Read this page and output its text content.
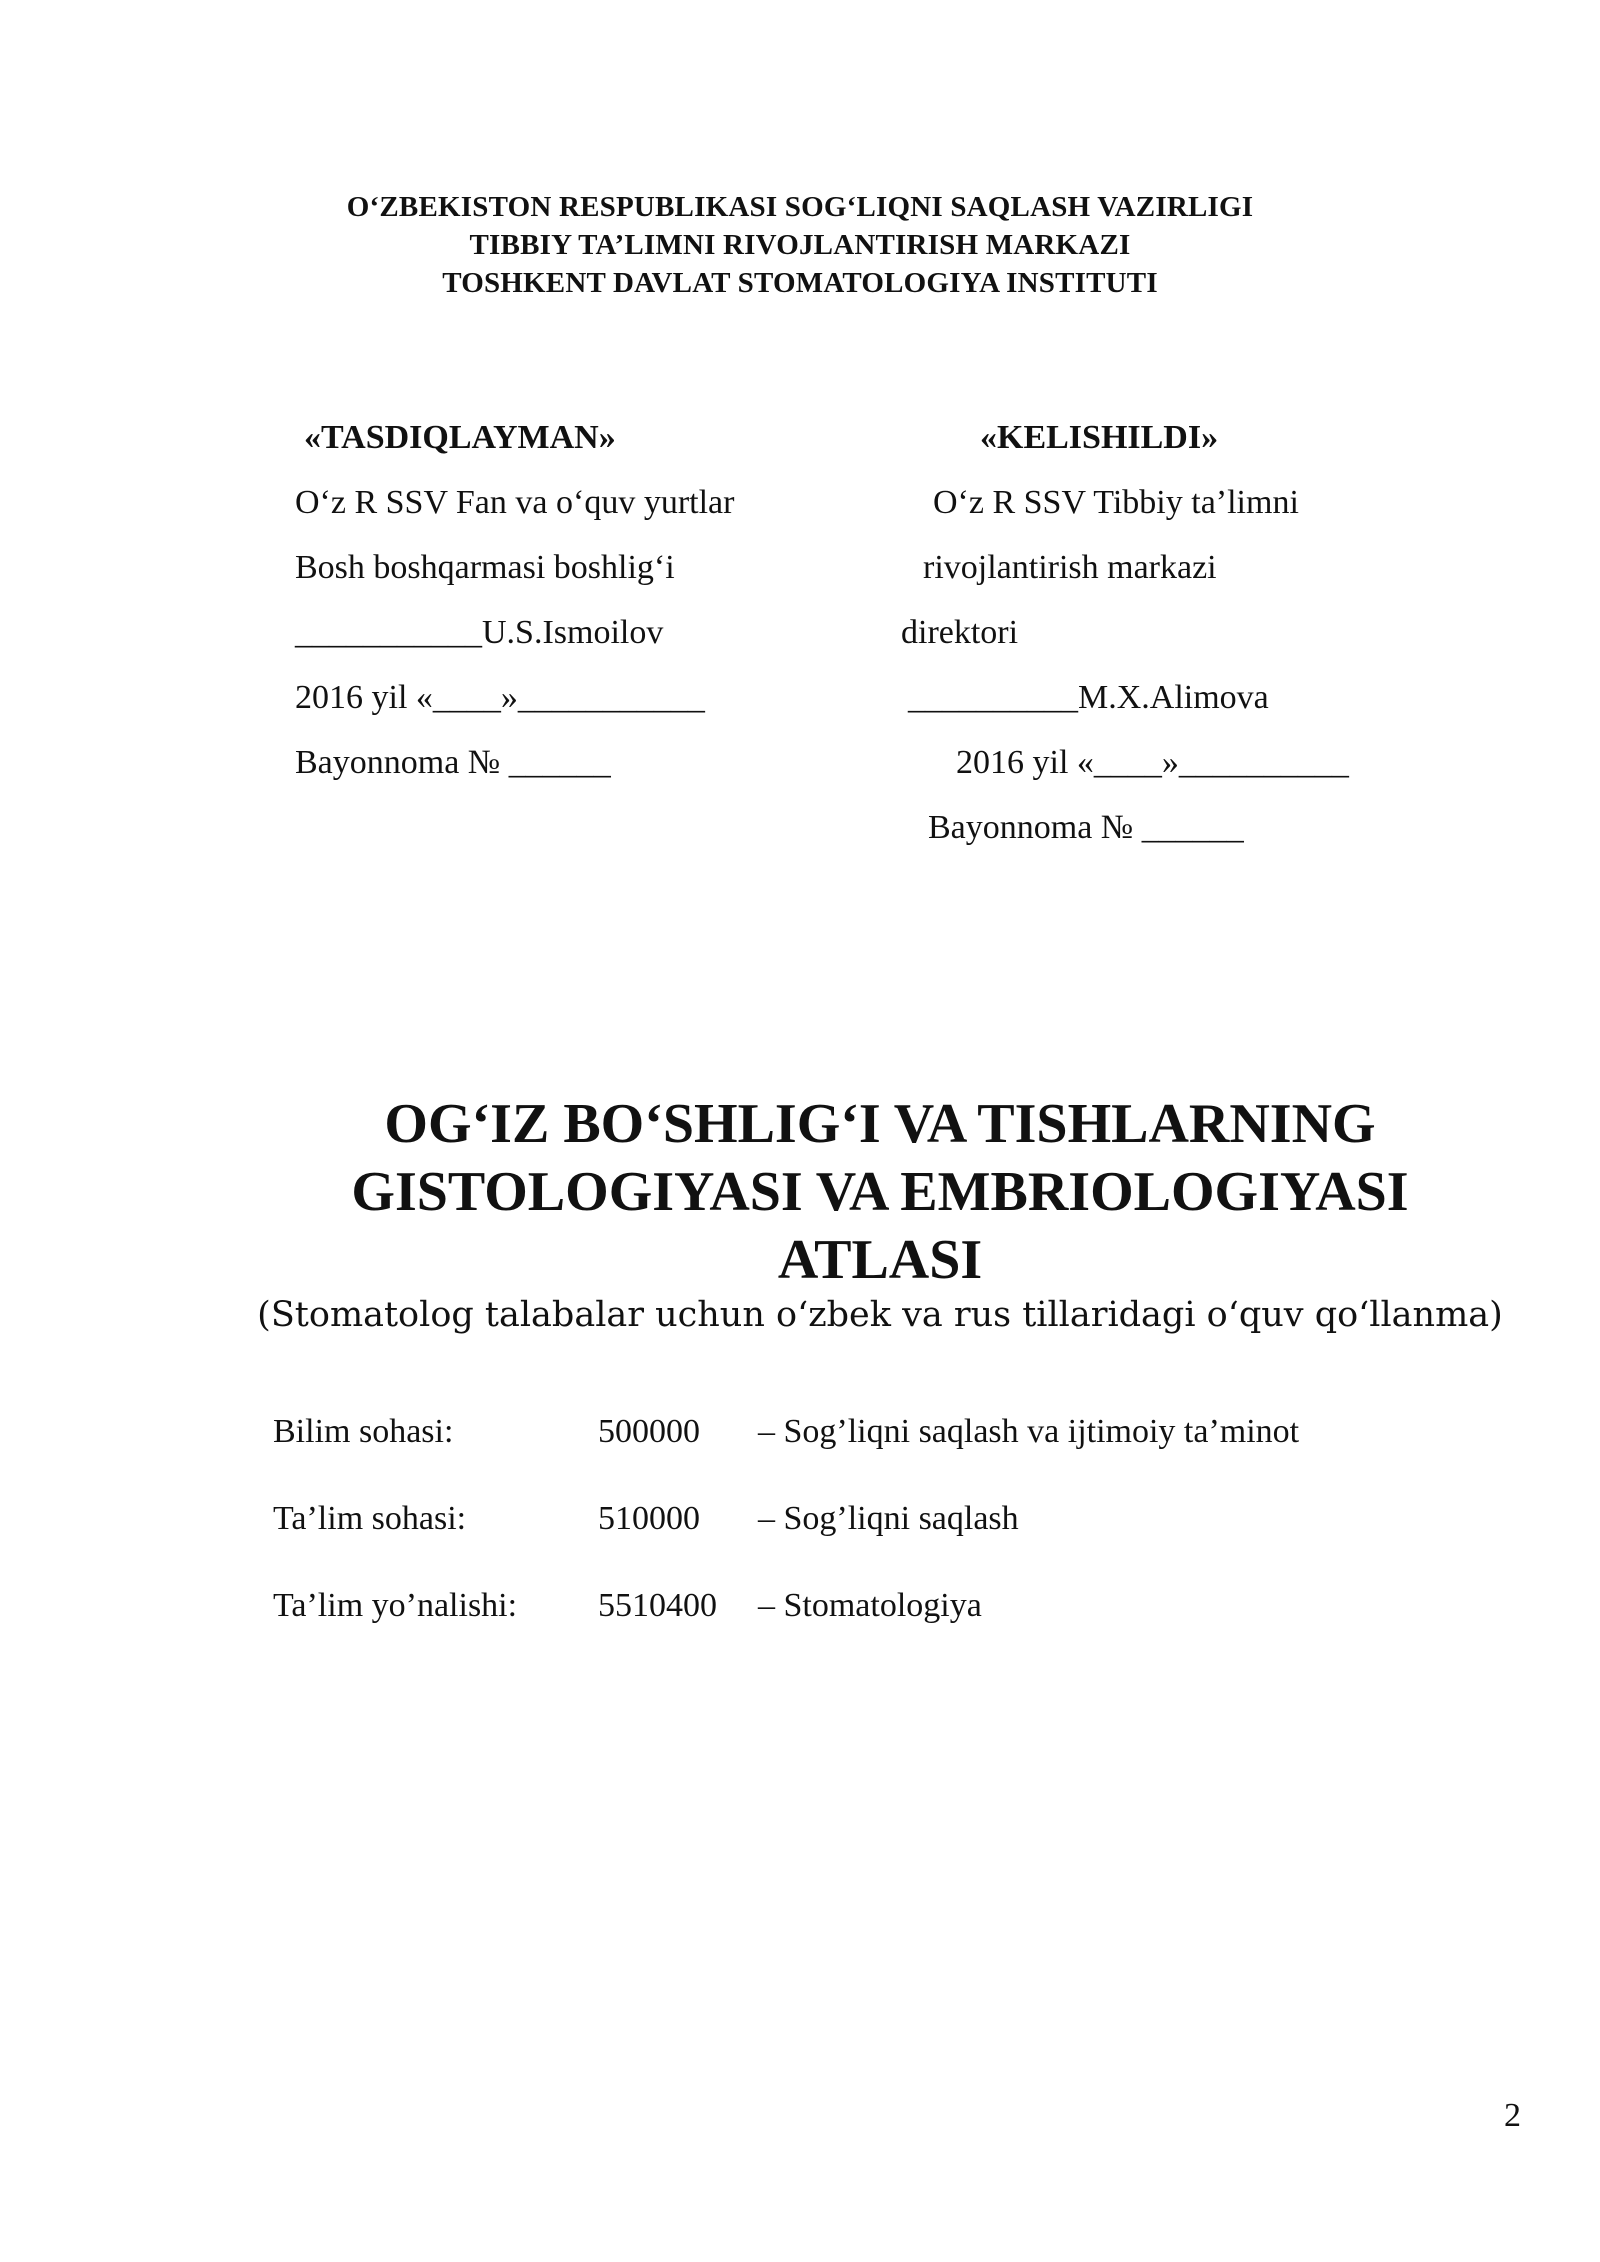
O‘ZBEKISTON RESPUBLIKASI SOG‘LIQNI SAQLASH VAZIRLIGI
TIBBIY TA’LIMNI RIVOJLANTIRISH MARKAZI
TOSHKENT DAVLAT STOMATOLOGIYA INSTITUTI
«TASDIQLAYMAN»
O‘z R SSV Fan va o‘quv yurtlar
Bosh boshqarmasi boshlig‘i
___________U.S.Ismoilov
2016 yil «____»___________
Bayonnoma № ______
«KELISHILDI»
O‘z R SSV Tibbiy ta’limni
rivojlantirish markazi
direktori
__________M.X.Alimova
2016 yil «____»__________
Bayonnoma № ______
OG‘IZ BO‘SHLIG‘I VA TISHLARNING
GISTOLOGIYASI VA EMBRIOLOGIYASI
ATLASI
(Stomatolog talabalar uchun o‘zbek va rus tillaridagi o‘quv qo‘llanma)
Bilim sohasi:	500000	– Sog’liqni saqlash va ijtimoiy ta’minot
Ta’lim sohasi:	510000	– Sog’liqni saqlash
Ta’lim yo’nalishi: 5510400 – Stomatologiya
2
